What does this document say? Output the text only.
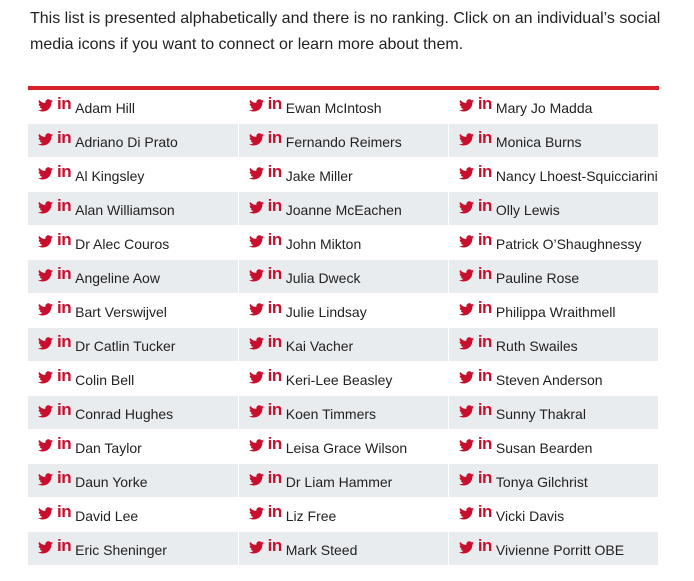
This list is presented alphabetically and there is no ranking. Click on an individual’s social media icons if you want to connect or learn more about them.

in Adam Hill	in Ewan McIntosh	in Mary Jo Madda

in Adriano Di Prato	in Fernando Reimers	in Monica Burns

in Al Kingsley	in Jake Miller	in Nancy Lhoest-Squicciarini

in Alan Williamson	in Joanne McEachen	in Olly Lewis

in Dr Alec Couros	in John Mikton	in Patrick O’Shaughnessy

in Angeline Aow	in Julia Dweck	in Pauline Rose

in Bart Verswijvel	in Julie Lindsay	in Philippa Wraithmell

in Dr Catlin Tucker	in Kai Vacher	in Ruth Swailes

in Colin Bell	in Keri-Lee Beasley	in Steven Anderson

in Conrad Hughes	in Koen Timmers	in Sunny Thakral

in Dan Taylor	in Leisa Grace Wilson	in Susan Bearden

in Daun Yorke	in Dr Liam Hammer	in Tonya Gilchrist

in David Lee	in Liz Free	in Vicki Davis

in Eric Sheninger	in Mark Steed	in Vivienne Porritt OBE
